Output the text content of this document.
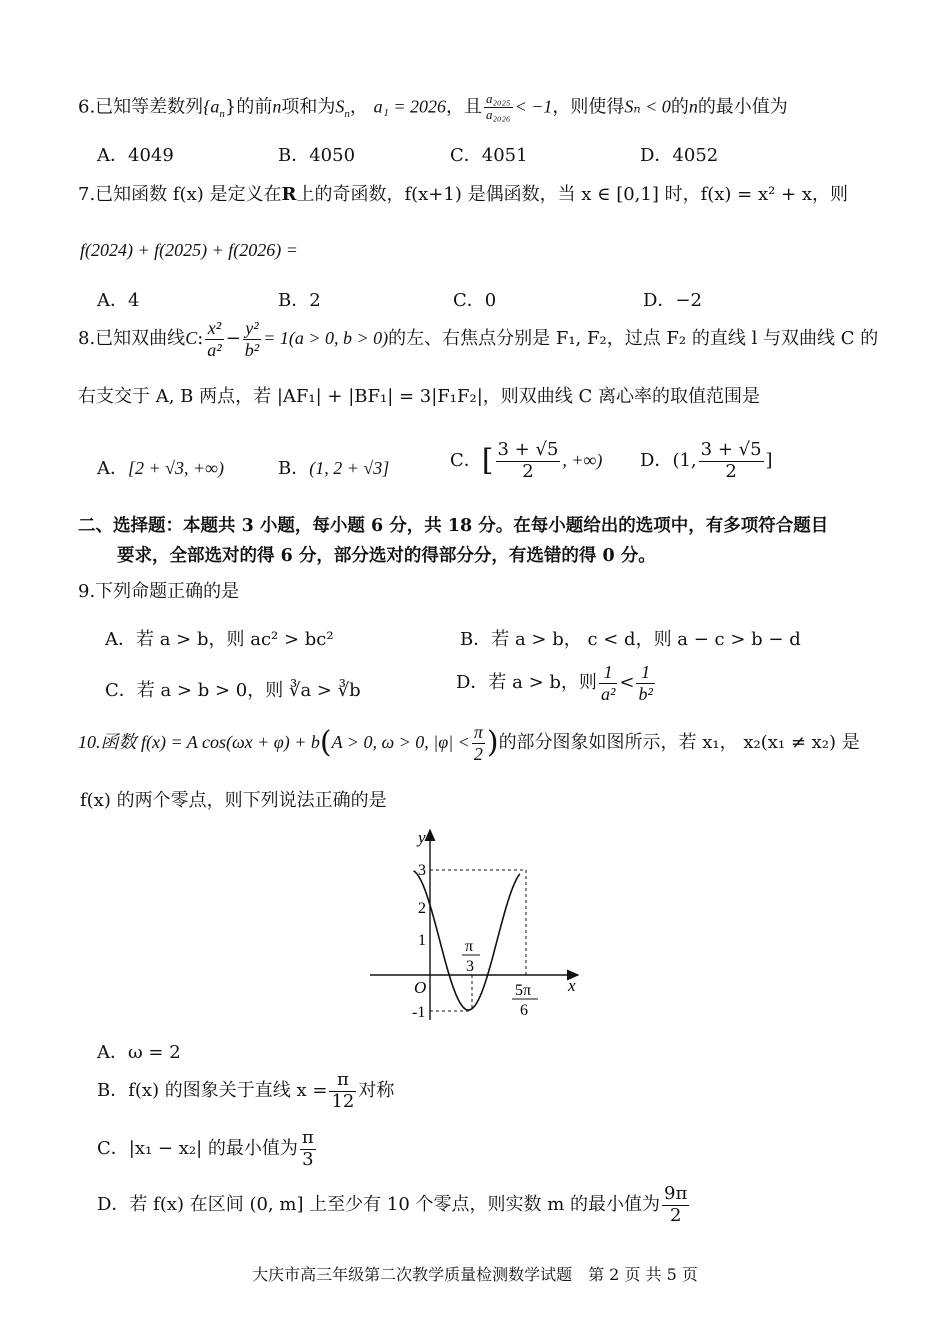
6.已知等差数列$\{a_n\}$的前n项和为$S_n$， a₁ = 2026，且 $\frac{\text{a₂₀₂₅}}{\text{a₂₀₂₆}} < -1$，则使得Sₙ < 0的n的最小值为
A．4049	B．4050	C．4051	D．4052
7.已知函数 f(x) 是定义在R上的奇函数，f(x+1) 是偶函数，当 x ∈ [0,1] 时，f(x) = x² + x，则
f(2024) + f(2025) + f(2026) =
A．4	B．2	C．0	D．−2
8.已知双曲线C: $\frac{\text{x²}}{\text{a²}} - \frac{\text{y²}}{\text{b²}} = 1(a > 0$, b > 0)的左、右焦点分别是 F₁, F₂，过点 F₂ 的直线 l 与双曲线 C 的
右支交于 A, B 两点，若 |AF₁| + |BF₁| = 3|F₁F₂|，则双曲线 C 离心率的取值范围是
A．[2 + √3, +∞)	B．(1, 2 + √3]	C．[ $\frac{3 + √5}{2}$ , +∞) D．(1, $\frac{3 + √5}{2}$ ]
二、选择题：本题共 3 小题，每小题 6 分，共 18 分。在每小题给出的选项中，有多项符合题目
要求，全部选对的得 6 分，部分选对的得部分分，有选错的得 0 分。
9.下列命题正确的是
A．若 a > b，则 ac² > bc²	B．若 a > b， c < d，则 a − c > b − d
C．若 a > b > 0，则 ∛a > ∛b	D．若 a > b，则 $\frac{1}{\text{a²}} < \frac{1}{\text{b²}}$
10.函数 f(x) = A cos(ωx + φ) + b(A > 0, ω > 0, $|\varphi| < \frac{\pi}{2}$ )的部分图象如图所示，若 x₁， x₂(x₁ ≠ x₂) 是
f(x) 的两个零点，则下列说法正确的是
y
x
O
3
2
1
-1
π
3
5π
6
A．ω = 2
B．f(x) 的图象关于直线 $x = \frac{\pi}{12}$ 对称
C．|x₁ − x₂| 的最小值为 $\frac{\pi}{3}$
D．若 f(x) 在区间 (0, m] 上至少有 10 个零点，则实数 m 的最小值为 $\frac{9\pi}{2}$
大庆市高三年级第二次教学质量检测数学试题　第 2 页 共 5 页
